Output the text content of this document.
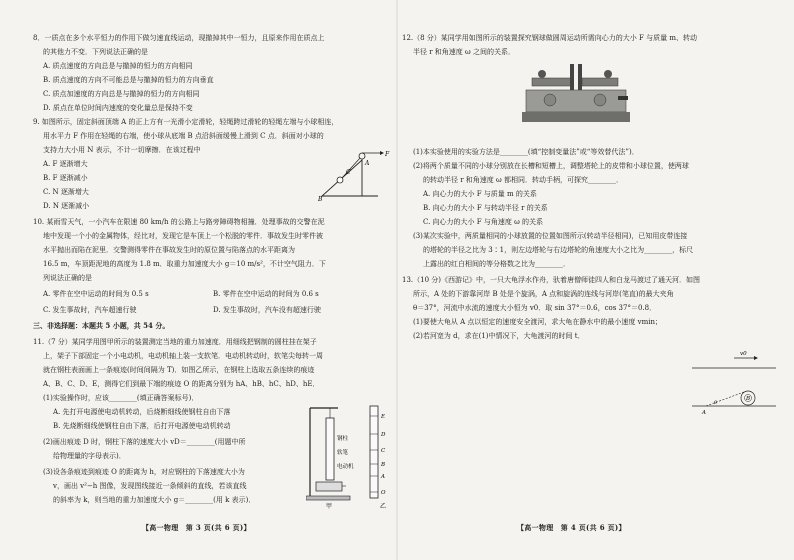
8．一质点在多个水平恒力的作用下做匀速直线运动，现撤掉其中一恒力，且原来作用在质点上
的其他力不变．下列说法正确的是
A. 质点速度的方向总是与撤掉的恒力的方向相同
B. 质点速度的方向不可能总是与撤掉的恒力的方向垂直
C. 质点加速度的方向总是与撤掉的恒力的方向相同
D. 质点在单位时间内速度的变化量总是保持不变
9. 如图所示，固定斜面顶端 A 的正上方有一光滑小定滑轮，轻绳跨过滑轮的轻绳左端与小球相连，
用水平力 F 作用在轻绳的右端，使小球从底端 B 点沿斜面缓慢上滑到 C 点．斜面对小球的
支持力大小用 N 表示，不计一切摩擦．在该过程中
A. F 逐渐增大
B. F 逐渐减小
C. N 逐渐增大
D. N 逐渐减小
10. 某雨雪天气，一小汽车在限速 80 km/h 的公路上与路旁障碍物相撞．处理事故的交警在泥
地中发现一个小的金属物体，经比对，发现它是车顶上一个松脱的零件．事故发生时零件被
水平抛出而陷在泥里．交警测得零件在事故发生时的原位置与陷落点的水平距离为
16.5 m，车顶距泥地的高度为 1.8 m．取重力加速度大小 g＝10 m/s²，不计空气阻力．下
列说法正确的是
A. 零件在空中运动的时间为 0.5 s	B. 零件在空中运动的时间为 0.6 s
C. 发生事故时，汽车超速行驶	D. 发生事故时，汽车没有超速行驶
三、非选择题：本题共 5 小题，共 54 分。
11.（7 分）某同学用图甲所示的装置测定当地的重力加速度．用细线把钢制的圆柱挂在架子
上，架子下部固定一个小电动机，电动机轴上装一支软笔．电动机转动时，软笔尖每转一周
就在钢柱表面画上一条痕迹(时间间隔为 T)．如图乙所示，在钢柱上选取五条连续的痕迹
A、B、C、D、E，测得它们到最下端的痕迹 O 的距离分别为 hA、hB、hC、hD、hE．
(1)实验操作时，应该________(填正确答案标号)．
A. 先打开电源使电动机转动，后烧断细线使钢柱自由下落
B. 先烧断细线使钢柱自由下落，后打开电源使电动机转动
(2)画出痕迹 D 时，钢柱下落的速度大小 vD＝________(用题中所
给物理量的字母表示)．
(3)设各条痕迹到痕迹 O 的距离为 h，对应钢柱的下落速度大小为
v，画出 v²−h 图像，发现图线接近一条倾斜的直线，若该直线
的斜率为 k，则当地的重力加速度大小 g＝________(用 k 表示)．
【高一物理　第 3 页(共 6 页)】
12.（8 分）某同学用如图所示的装置探究钢球做圆周运动所需向心力的大小 F 与质量 m、转动
半径 r 和角速度 ω 之间的关系．
(1)本实验使用的实验方法是________(填“控制变量法”或“等效替代法”)．
(2)将两个质量不同的小球分别放在长槽和短槽上，调整塔轮上的皮带和小球位置，使两球
的转动半径 r 和角速度 ω 都相同．转动手柄，可探究________．
A. 向心力的大小 F 与质量 m 的关系
B. 向心力的大小 F 与转动半径 r 的关系
C. 向心力的大小 F 与角速度 ω 的关系
(3)某次实验中，两质量相同的小球放置的位置如图所示(转动半径相同)，已知用皮带连接
的塔轮的半径之比为 3∶1，则左边塔轮与右边塔轮的角速度大小之比为________，标尺
上露出的红白相间的等分格数之比为________．
13.（10 分)《西游记》中，一只大龟浮水作舟，驮着唐僧师徒四人和白龙马渡过了通天河．如图
所示，A 处的下游靠河岸 B 处是个旋涡，A 点和旋涡的连线与河岸(笔直)的最大夹角
θ＝37°，河流中水流的速度大小恒为 v0．取 sin 37°＝0.6，cos 37°＝0.8．
(1)要使大龟从 A 点以恒定的速度安全渡河，求大龟在静水中的最小速度 vmin；
(2)若河宽为 d，求在(1)中情况下，大龟渡河的时间 t．
【高一物理　第 4 页(共 6 页)】
F
A
C
B
钢柱
软笔
电动机
甲
E
D
C
B
A
O
乙
v0
B
A
θ
